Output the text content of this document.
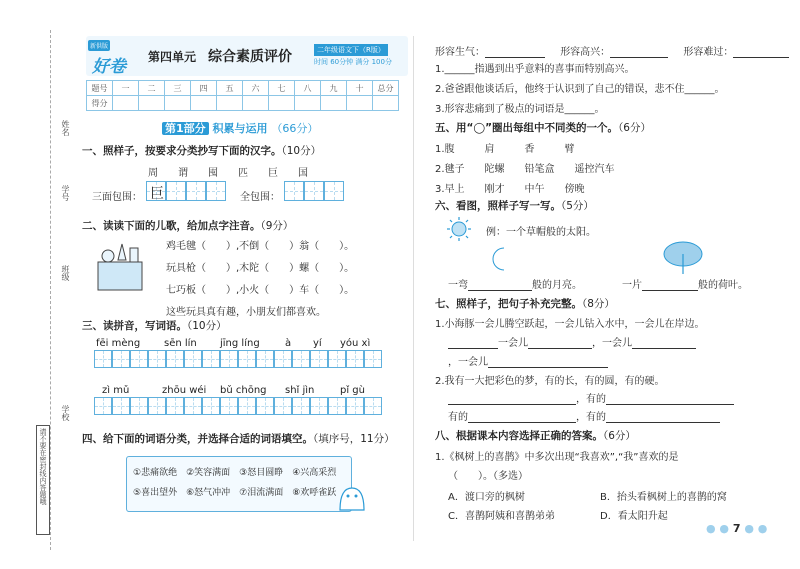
姓名
学号
班级
学校
请不要在密封线内答题哦
新供版
好卷 第四单元 综合素质评价	二年级语文下（R版）
时间 60分钟 满分 100分
题号	一	二	三	四	五	六	七	八	九	十	总分
得分											
第1部分 积累与运用 （66分）
一、照样子，按要求分类抄写下面的汉字。（10分）
周　　谓　　囤　　匹　　巨　　国
三面包围： 巨	全包围：
二、读读下面的儿歌，给加点字注音。（9分）
鸡毛毽（　　）,不倒（　　）翁（　　）。
玩具枪（　　）,木陀（　　）螺（　　）。
七巧板（　　）,小火（　　）车（　　）。
这些玩具真有趣，小朋友们都喜欢。
三、读拼音，写词语。（10分）
fēi mèng sēn lín jīng líng	à yí yóu xì
zì mǔ	zhōu wéi bǔ chōng shǐ jìn	pǐ gù
四、给下面的词语分类，并选择合适的词语填空。（填序号，11分）
①悲痛欲绝　②笑容满面　③怒目圆睁　④兴高采烈
⑤喜出望外　⑥怒气冲冲　⑦泪流满面　⑧欢呼雀跃
形容生气：	形容高兴：	形容难过：
1.______指遇到出乎意料的喜事而特别高兴。
2.爸爸跟他谈话后，他终于认识到了自己的错误，悲不住______。
3.形容悲痛到了极点的词语是______。
五、用“◯”圈出每组中不同类的一个。（6分）
1.腹　　　肩　　　香　　　臂
2.毽子　　陀螺　　铅笔盒　　遥控汽车
3.早上　　刚才　　中午　　傍晚
六、看图，照样子写一写。（5分）
例：一个草帽般的太阳。
一弯	般的月亮。	一片	般的荷叶。
七、照样子，把句子补充完整。（8分）
1.小海豚一会儿腾空跃起，一会儿钻入水中，一会儿在岸边。
一会儿	，一会儿
，一会儿
2.我有一大把彩色的梦，有的长，有的圆，有的硬。
，有的
有的	，有的
八、根据课本内容选择正确的答案。（6分）
1.《枫树上的喜鹊》中多次出现“我喜欢”,“我”喜欢的是
（　　）。（多选）
A．渡口旁的枫树	B．抬头看枫树上的喜鹊的窝
C．喜鹊阿姨和喜鹊弟弟	D．看太阳升起
● ● 7 ● ●
